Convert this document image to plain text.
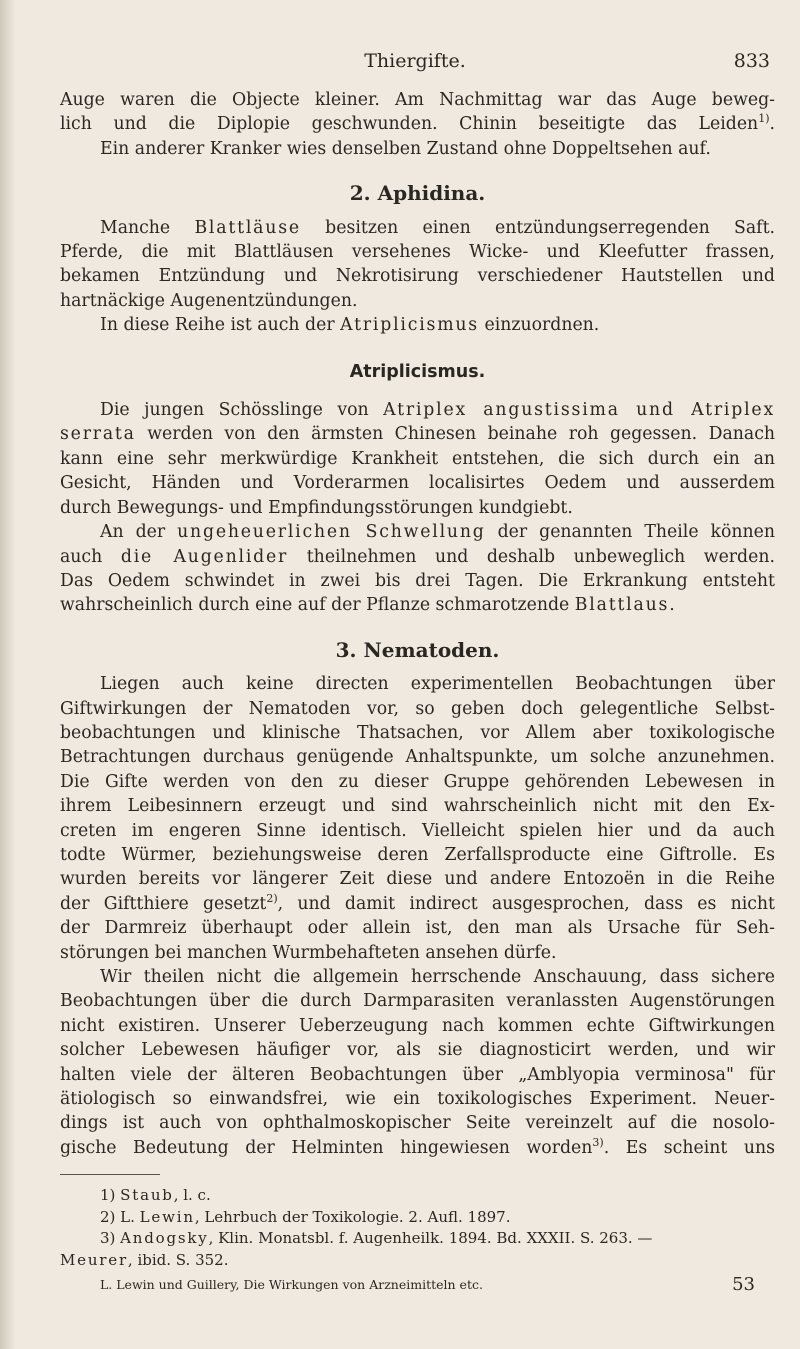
Thiergifte.	833
Auge waren die Objecte kleiner. Am Nachmittag war das Auge beweg-
lich und die Diplopie geschwunden. Chinin beseitigte das Leiden$^{1)}$.
Ein anderer Kranker wies denselben Zustand ohne Doppeltsehen auf.
2. Aphidina.
Manche Blattläuse besitzen einen entzündungserregenden Saft.
Pferde, die mit Blattläusen versehenes Wicke- und Kleefutter frassen,
bekamen Entzündung und Nekrotisirung verschiedener Hautstellen und
hartnäckige Augenentzündungen.
In diese Reihe ist auch der Atriplicismus einzuordnen.
Atriplicismus.
Die jungen Schösslinge von Atriplex angustissima und Atriplex
serrata werden von den ärmsten Chinesen beinahe roh gegessen. Danach
kann eine sehr merkwürdige Krankheit entstehen, die sich durch ein an
Gesicht, Händen und Vorderarmen localisirtes Oedem und ausserdem
durch Bewegungs- und Empfindungsstörungen kundgiebt.
An der ungeheuerlichen Schwellung der genannten Theile können
auch die Augenlider theilnehmen und deshalb unbeweglich werden.
Das Oedem schwindet in zwei bis drei Tagen. Die Erkrankung entsteht
wahrscheinlich durch eine auf der Pflanze schmarotzende Blattlaus.
3. Nematoden.
Liegen auch keine directen experimentellen Beobachtungen über
Giftwirkungen der Nematoden vor, so geben doch gelegentliche Selbst-
beobachtungen und klinische Thatsachen, vor Allem aber toxikologische
Betrachtungen durchaus genügende Anhaltspunkte, um solche anzunehmen.
Die Gifte werden von den zu dieser Gruppe gehörenden Lebewesen in
ihrem Leibesinnern erzeugt und sind wahrscheinlich nicht mit den Ex-
creten im engeren Sinne identisch. Vielleicht spielen hier und da auch
todte Würmer, beziehungsweise deren Zerfallsproducte eine Giftrolle. Es
wurden bereits vor längerer Zeit diese und andere Entozoën in die Reihe
der Giftthiere gesetzt$^{2)}$, und damit indirect ausgesprochen, dass es nicht
der Darmreiz überhaupt oder allein ist, den man als Ursache für Seh-
störungen bei manchen Wurmbehafteten ansehen dürfe.
Wir theilen nicht die allgemein herrschende Anschauung, dass sichere
Beobachtungen über die durch Darmparasiten veranlassten Augenstörungen
nicht existiren. Unserer Ueberzeugung nach kommen echte Giftwirkungen
solcher Lebewesen häufiger vor, als sie diagnosticirt werden, und wir
halten viele der älteren Beobachtungen über „Amblyopia verminosa" für
ätiologisch so einwandsfrei, wie ein toxikologisches Experiment. Neuer-
dings ist auch von ophthalmoskopischer Seite vereinzelt auf die nosolo-
gische Bedeutung der Helminten hingewiesen worden$^{3)}$. Es scheint uns
1) Staub, l. c.
2) L. Lewin, Lehrbuch der Toxikologie. 2. Aufl. 1897.
3) Andogsky, Klin. Monatsbl. f. Augenheilk. 1894. Bd. XXXII. S. 263. —
Meurer, ibid. S. 352.
L. Lewin und Guillery, Die Wirkungen von Arzneimitteln etc.	53
